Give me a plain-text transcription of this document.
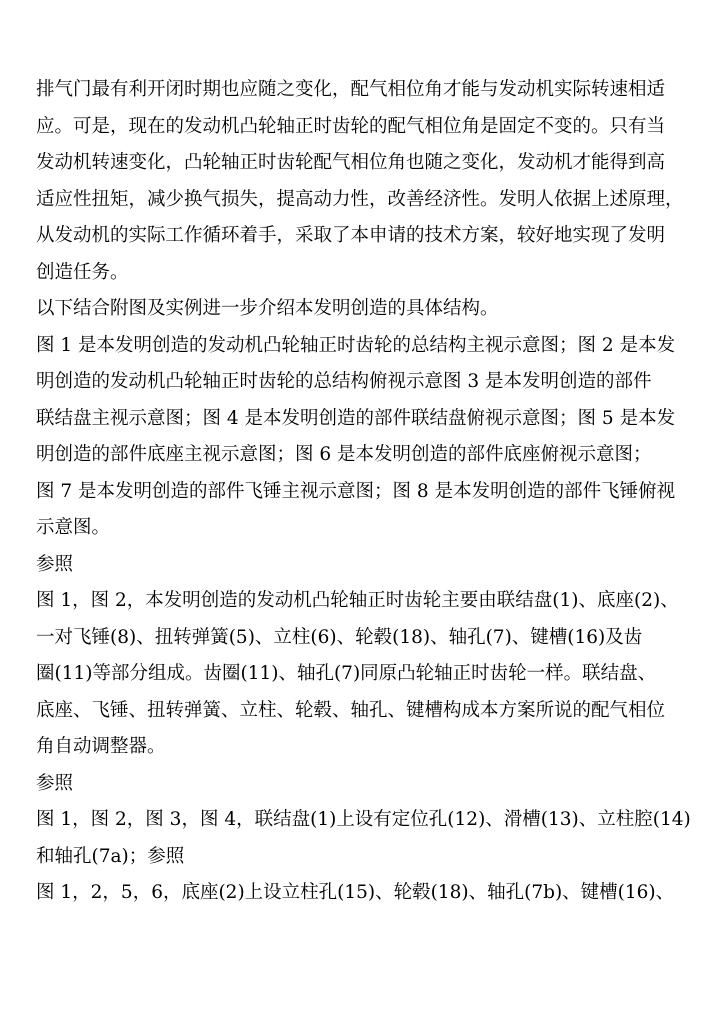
排气门最有利开闭时期也应随之变化，配气相位角才能与发动机实际转速相适
应。可是，现在的发动机凸轮轴正时齿轮的配气相位角是固定不变的。只有当
发动机转速变化，凸轮轴正时齿轮配气相位角也随之变化，发动机才能得到高
适应性扭矩，减少换气损失，提高动力性，改善经济性。发明人依据上述原理，
从发动机的实际工作循环着手，采取了本申请的技术方案，较好地实现了发明
创造任务。
以下结合附图及实例进一步介绍本发明创造的具体结构。
图 1 是本发明创造的发动机凸轮轴正时齿轮的总结构主视示意图；图 2 是本发
明创造的发动机凸轮轴正时齿轮的总结构俯视示意图 3 是本发明创造的部件
联结盘主视示意图；图 4 是本发明创造的部件联结盘俯视示意图；图 5 是本发
明创造的部件底座主视示意图；图 6 是本发明创造的部件底座俯视示意图；
图 7 是本发明创造的部件飞锤主视示意图；图 8 是本发明创造的部件飞锤俯视
示意图。
参照
图 1，图 2，本发明创造的发动机凸轮轴正时齿轮主要由联结盘(1)、底座(2)、
一对飞锤(8)、扭转弹簧(5)、立柱(6)、轮毂(18)、轴孔(7)、键槽(16)及齿
圈(11)等部分组成。齿圈(11)、轴孔(7)同原凸轮轴正时齿轮一样。联结盘、
底座、飞锤、扭转弹簧、立柱、轮毂、轴孔、键槽构成本方案所说的配气相位
角自动调整器。
参照
图 1，图 2，图 3，图 4，联结盘(1)上设有定位孔(12)、滑槽(13)、立柱腔(14)
和轴孔(7a)；参照
图 1，2，5，6，底座(2)上设立柱孔(15)、轮毂(18)、轴孔(7b)、键槽(16)、
